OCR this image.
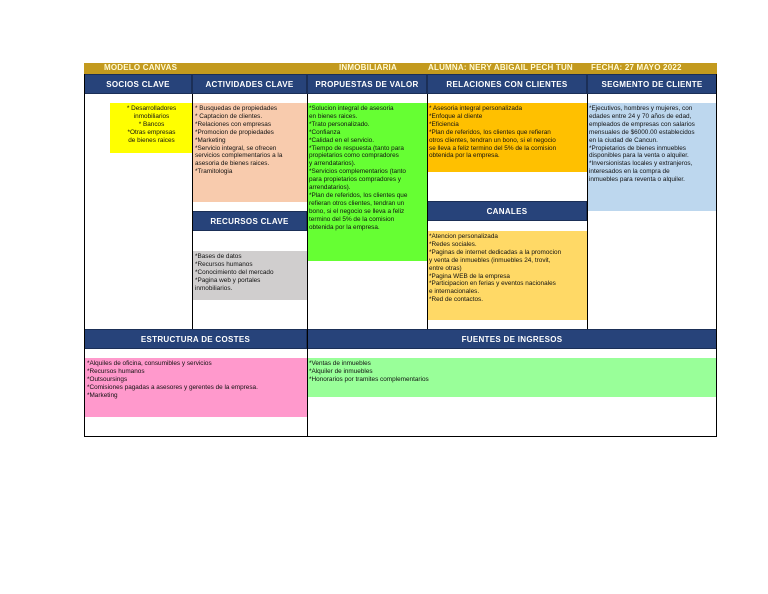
MODELO CANVAS	INMOBILIARIA	ALUMNA: NERY ABIGAIL PECH TUN FECHA: 27 MAYO 2022
SOCIOS CLAVE	ACTIVIDADES CLAVE	PROPUESTAS DE VALOR	RELACIONES CON CLIENTES	SEGMENTO DE CLIENTE
* Desarrolladores
inmobiliarios
* Bancos
*Otras empresas
de bienes raices
* Busquedas de propiedades
* Captacion de clientes.
*Relaciones con empresas
*Promocion de propiedades
*Marketing
*Servicio integral, se ofrecen
servicios complementarios a la
asesoria de bienes raices.
*Tramitologia
RECURSOS CLAVE
*Bases de datos
*Recursos humanos
*Conocimiento del mercado
*Pagina web y portales
inmobiliarios.
*Solucion integral de asesoria
en bienes raices.
*Trato personalizado.
*Confianza
*Calidad en el servicio.
*Tiempo de respuesta (tanto para
propietarios como compradores
y arrendatarios).
*Servicios complementarios (tanto
para propietarios compradores y
arrendatarios).
*Plan de referidos, los clientes que
refieran otros clientes, tendran un
bono, si el negocio se lleva a feliz
termino del 5% de la comision
obtenida por la empresa.
* Asesoria integral personalizada
*Enfoque al cliente
*Eficiencia
*Plan de referidos, los clientes que refieran
otros clientes, tendran un bono, si el negocio
se lleva a feliz termino del 5% de la comision
obtenida por la empresa.
CANALES
*Atencion personalizada
*Redes sociales.
*Paginas de internet dedicadas a la promocion
y venta de inmuebles (inmuebles 24, trovit,
entre otras)
*Pagina WEB de la empresa
*Participacion en ferias y eventos nacionales
e internacionales.
*Red de contactos.
*Ejecutivos, hombres y mujeres, con
edades entre 24 y 70 años de edad,
empleados de empresas con salarios
mensuales de $6000.00 establecidos
en la ciudad de Cancun.
*Propietarios de bienes inmuebles
disponibles para la venta o alquiler.
*Inversionistas locales y extranjeros,
interesados en la compra de
inmuebles para reventa o alquiler.
ESTRUCTURA DE COSTES	FUENTES DE INGRESOS
*Alquiles de oficina, consumibles y servicios
*Recursos humanos
*Outsoursings
*Comisiones pagadas a asesores y gerentes de la empresa.
*Marketing
*Ventas de inmuebles
*Alquiler de inmuebles
*Honorarios por tramites complementarios
